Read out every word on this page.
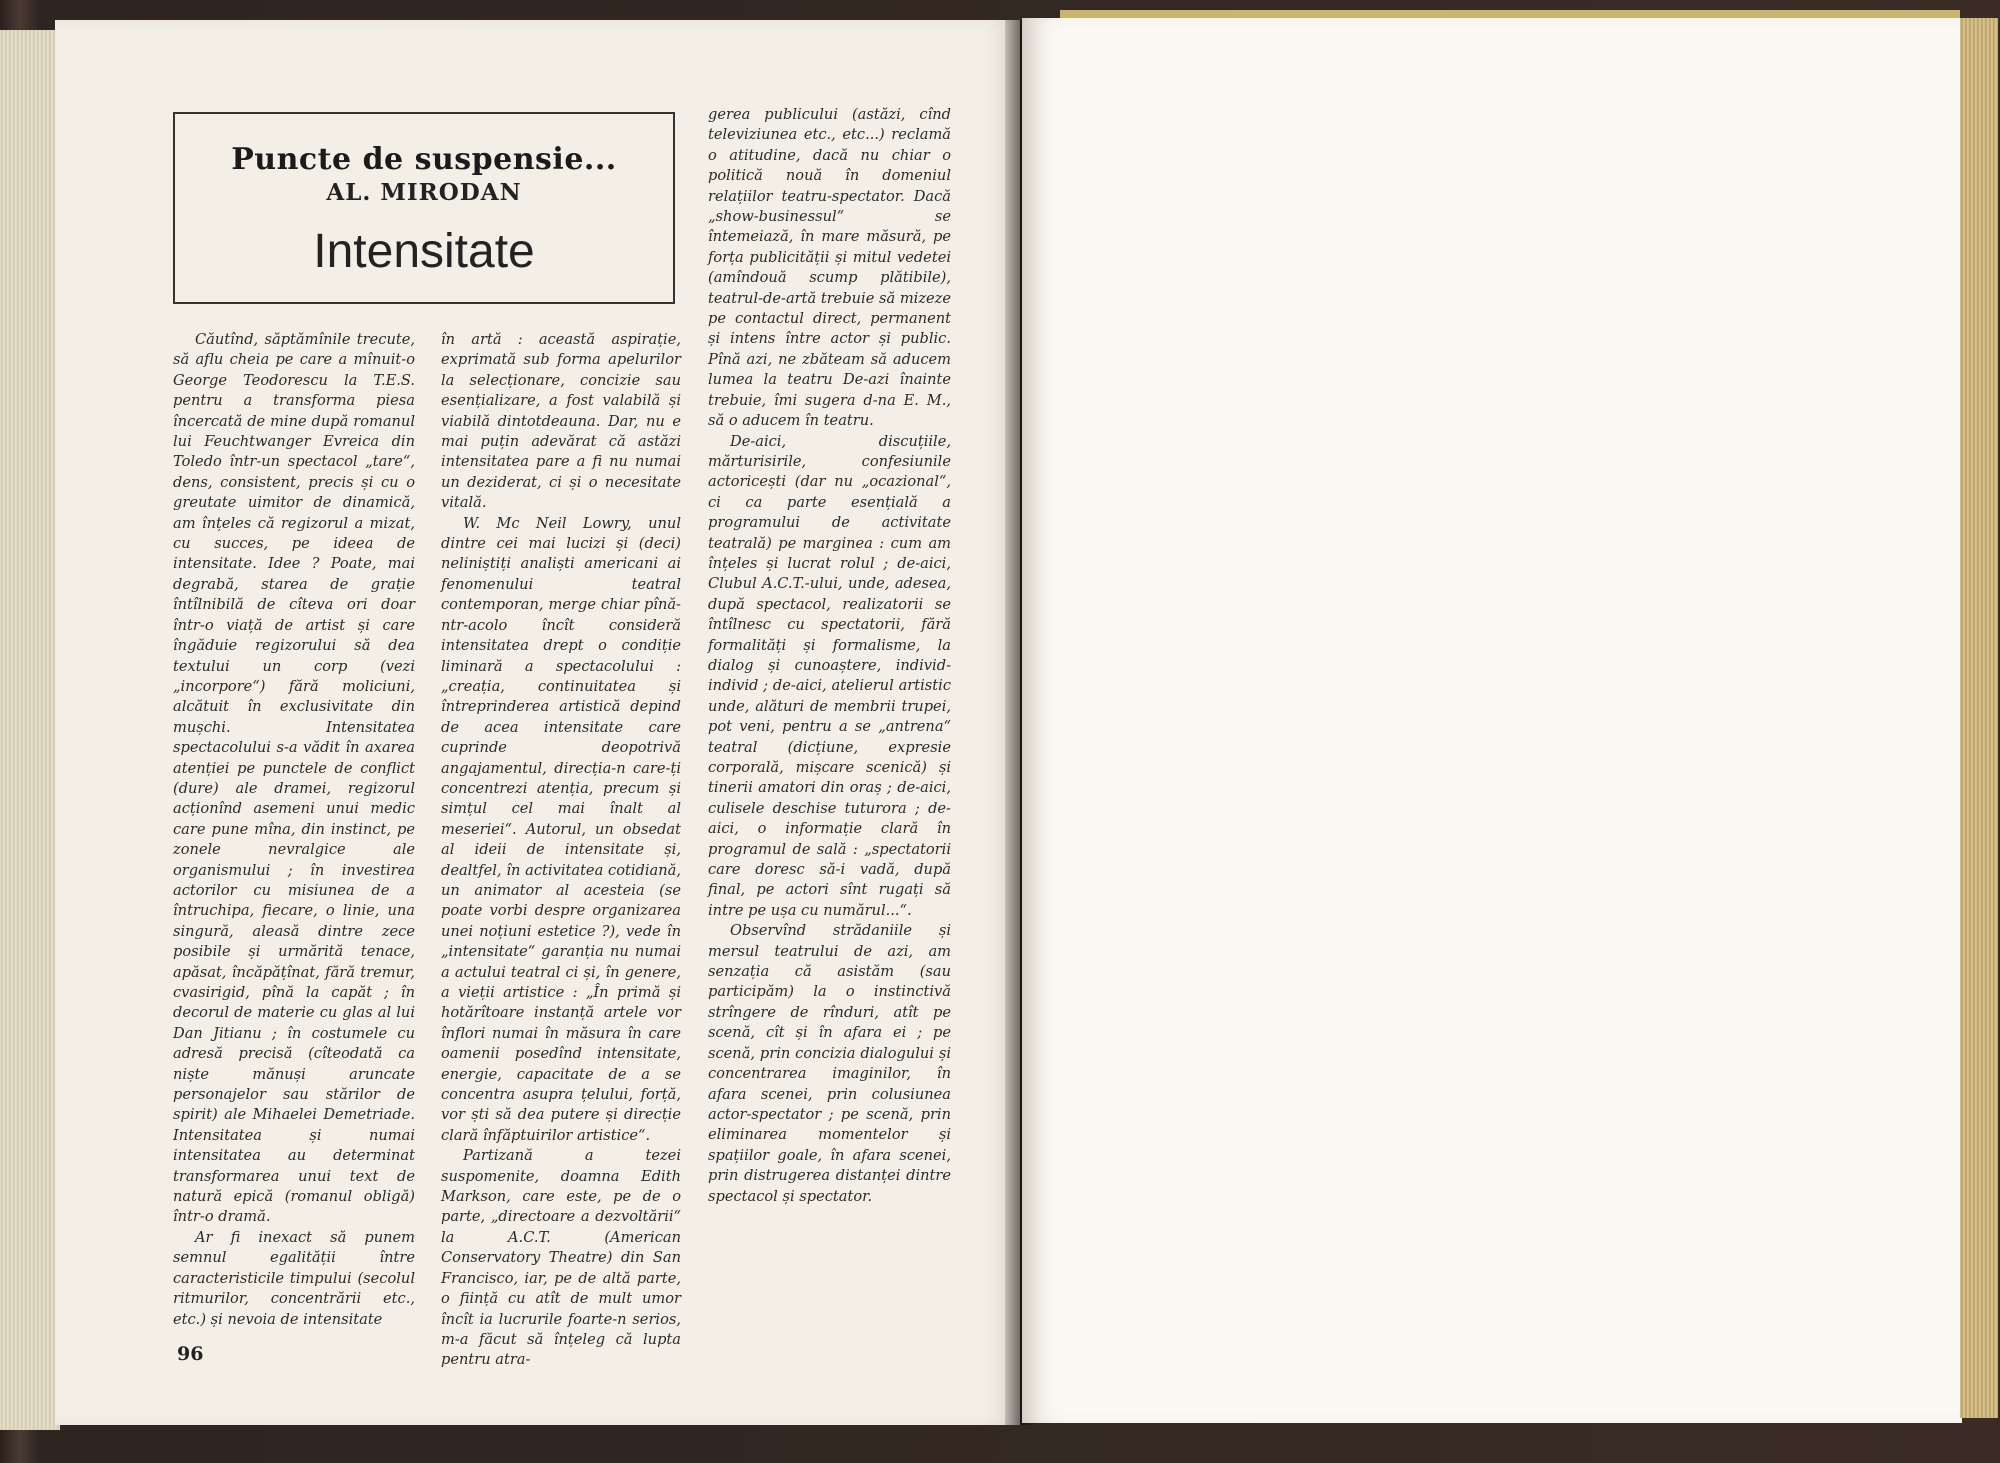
Puncte de suspensie...
AL. MIRODAN
Intensitate

Căutînd, săptămînile trecute, să aflu cheia pe care a mînuit-o George Teodorescu la T.E.S. pentru a transforma piesa încercată de mine după romanul lui Feuchtwanger Evreica din Toledo într-un spectacol „tare“, dens, consistent, precis și cu o greutate uimitor de dinamică, am înțeles că regizorul a mizat, cu succes, pe ideea de intensitate. Idee ? Poate, mai degrabă, starea de grație întîlnibilă de cîteva ori doar într-o viață de artist și care îngăduie regizorului să dea textului un corp (vezi „incorpore“) fără moliciuni, alcătuit în exclusivitate din mușchi. Intensitatea spectacolului s-a vădit în axarea atenției pe punctele de conflict (dure) ale dramei, regizorul acționînd asemeni unui medic care pune mîna, din instinct, pe zonele nevralgice ale organismului ; în investirea actorilor cu misiunea de a întruchipa, fiecare, o linie, una singură, aleasă dintre zece posibile și urmărită tenace, apăsat, încăpățînat, fără tremur, cvasirigid, pînă la capăt ; în decorul de materie cu glas al lui Dan Jitianu ; în costumele cu adresă precisă (cîteodată ca niște mănuși aruncate personajelor sau stărilor de spirit) ale Mihaelei Demetriade. Intensitatea și numai intensitatea au determinat transformarea unui text de natură epică (romanul obligă) într-o dramă.

Ar fi inexact să punem semnul egalității între caracteristicile timpului (secolul ritmurilor, concentrării etc., etc.) și nevoia de intensitate

în artă : această aspirație, exprimată sub forma apelurilor la selecționare, concizie sau esențializare, a fost valabilă și viabilă dintotdeauna. Dar, nu e mai puțin adevărat că astăzi intensitatea pare a fi nu numai un deziderat, ci și o necesitate vitală.

W. Mc Neil Lowry, unul dintre cei mai lucizi și (deci) neliniștiți analiști americani ai fenomenului teatral contemporan, merge chiar pînă-ntr-acolo încît consideră intensitatea drept o condiție liminară a spectacolului : „creația, continuitatea și întreprinderea artistică depind de acea intensitate care cuprinde deopotrivă angajamentul, direcția-n care-ți concentrezi atenția, precum și simțul cel mai înalt al meseriei“. Autorul, un obsedat al ideii de intensitate și, dealtfel, în activitatea cotidiană, un animator al acesteia (se poate vorbi despre organizarea unei noțiuni estetice ?), vede în „intensitate“ garanția nu numai a actului teatral ci și, în genere, a vieții artistice : „În primă și hotărîtoare instanță artele vor înflori numai în măsura în care oamenii posedînd intensitate, energie, capacitate de a se concentra asupra țelului, forță, vor ști să dea putere și direcție clară înfăptuirilor artistice“.

Partizană a tezei suspomenite, doamna Edith Markson, care este, pe de o parte, „directoare a dezvoltării“ la A.C.T. (American Conservatory Theatre) din San Francisco, iar, pe de altă parte, o ființă cu atît de mult umor încît ia lucrurile foarte-n serios, m-a făcut să înțeleg că lupta pentru atra-

gerea publicului (astăzi, cînd televiziunea etc., etc...) reclamă o atitudine, dacă nu chiar o politică nouă în domeniul relațiilor teatru-spectator. Dacă „show-businessul“ se întemeiază, în mare măsură, pe forța publicității și mitul vedetei (amîndouă scump plătibile), teatrul-de-artă trebuie să mizeze pe contactul direct, permanent și intens între actor și public. Pînă azi, ne zbăteam să aducem lumea la teatru De-azi înainte trebuie, îmi sugera d-na E. M., să o aducem în teatru.

De-aici, discuțiile, mărturisirile, confesiunile actoricești (dar nu „ocazional“, ci ca parte esențială a programului de activitate teatrală) pe marginea : cum am înțeles și lucrat rolul ; de-aici, Clubul A.C.T.-ului, unde, adesea, după spectacol, realizatorii se întîlnesc cu spectatorii, fără formalități și formalisme, la dialog și cunoaștere, individ-individ ; de-aici, atelierul artistic unde, alături de membrii trupei, pot veni, pentru a se „antrena“ teatral (dicțiune, expresie corporală, mișcare scenică) și tinerii amatori din oraș ; de-aici, culisele deschise tuturora ; de-aici, o informație clară în programul de sală : „spectatorii care doresc să-i vadă, după final, pe actori sînt rugați să intre pe ușa cu numărul...“.

Observînd strădaniile și mersul teatrului de azi, am senzația că asistăm (sau participăm) la o instinctivă strîngere de rînduri, atît pe scenă, cît și în afara ei ; pe scenă, prin concizia dialogului și concentrarea imaginilor, în afara scenei, prin colusiunea actor-spectator ; pe scenă, prin eliminarea momentelor și spațiilor goale, în afara scenei, prin distrugerea distanței dintre spectacol și spectator.

96
